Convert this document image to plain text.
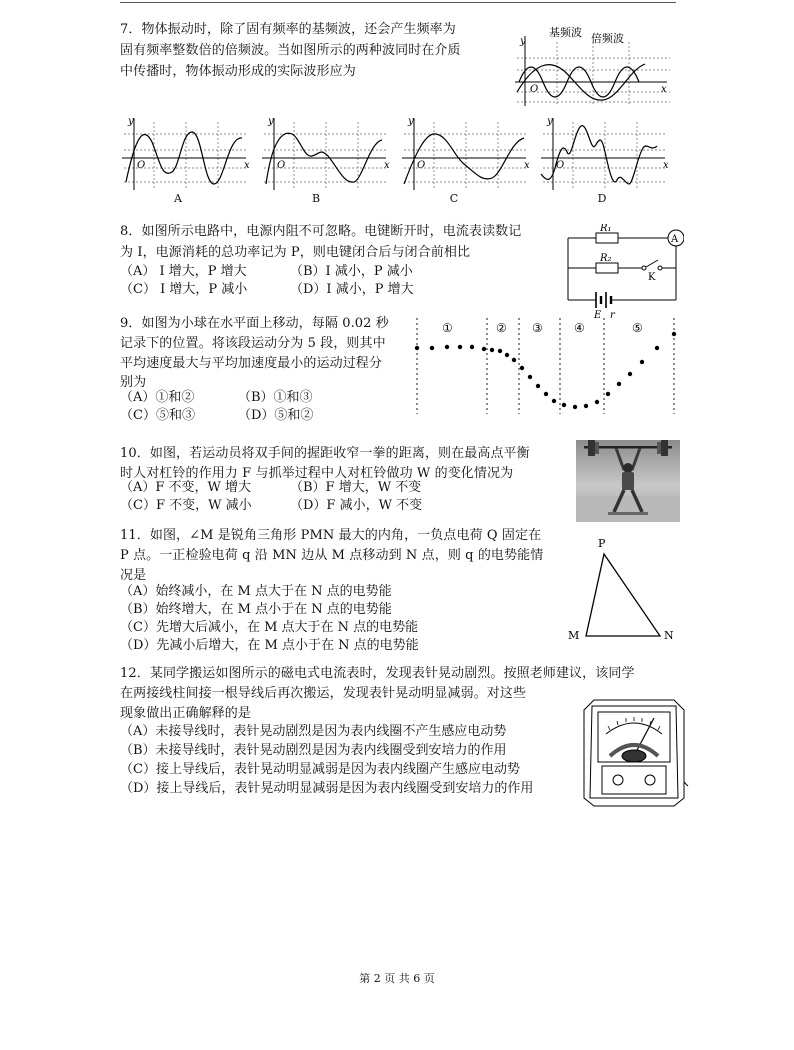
7．物体振动时，除了固有频率的基频波，还会产生频率为
固有频率整数倍的倍频波。当如图所示的两种波同时在介质
中传播时，物体振动形成的实际波形应为
y
x
O
基频波 倍频波
y
x
O
A
y
x
O
B
y
x
O
C
y
x
O
D
8．如图所示电路中，电源内阻不可忽略。电键断开时，电流表读数记
为 I，电源消耗的总功率记为 P，则电键闭合后与闭合前相比
（A） I 增大，P 增大	（B）I 减小，P 减小
（C） I 增大，P 减小	（D）I 减小，P 增大
A
R₁
R₂
K
E r
9．如图为小球在水平面上移动，每隔 0.02 秒
记录下的位置。将该段运动分为 5 段，则其中
平均速度最大与平均加速度最小的运动过程分
别为
（A）①和②	（B）①和③
（C）⑤和③	（D）⑤和②
①	② ③	④	⑤
10．如图，若运动员将双手间的握距收窄一拳的距离，则在最高点平衡
时人对杠铃的作用力 F 与抓举过程中人对杠铃做功 W 的变化情况为
（A）F 不变，W 增大	（B）F 增大，W 不变
（C）F 不变，W 减小	（D）F 减小，W 不变
11．如图，∠M 是锐角三角形 PMN 最大的内角，一负点电荷 Q 固定在
P 点。一正检验电荷 q 沿 MN 边从 M 点移动到 N 点，则 q 的电势能情
况是
（A）始终减小，在 M 点大于在 N 点的电势能
（B）始终增大，在 M 点小于在 N 点的电势能
（C）先增大后减小，在 M 点大于在 N 点的电势能
（D）先减小后增大，在 M 点小于在 N 点的电势能
P
M	N
12．某同学搬运如图所示的磁电式电流表时，发现表针晃动剧烈。按照老师建议，该同学
在两接线柱间接一根导线后再次搬运，发现表针晃动明显减弱。对这些
现象做出正确解释的是
（A）未接导线时，表针晃动剧烈是因为表内线圈不产生感应电动势
（B）未接导线时，表针晃动剧烈是因为表内线圈受到安培力的作用
（C）接上导线后，表针晃动明显减弱是因为表内线圈产生感应电动势
（D）接上导线后，表针晃动明显减弱是因为表内线圈受到安培力的作用
第 2 页 共 6 页
